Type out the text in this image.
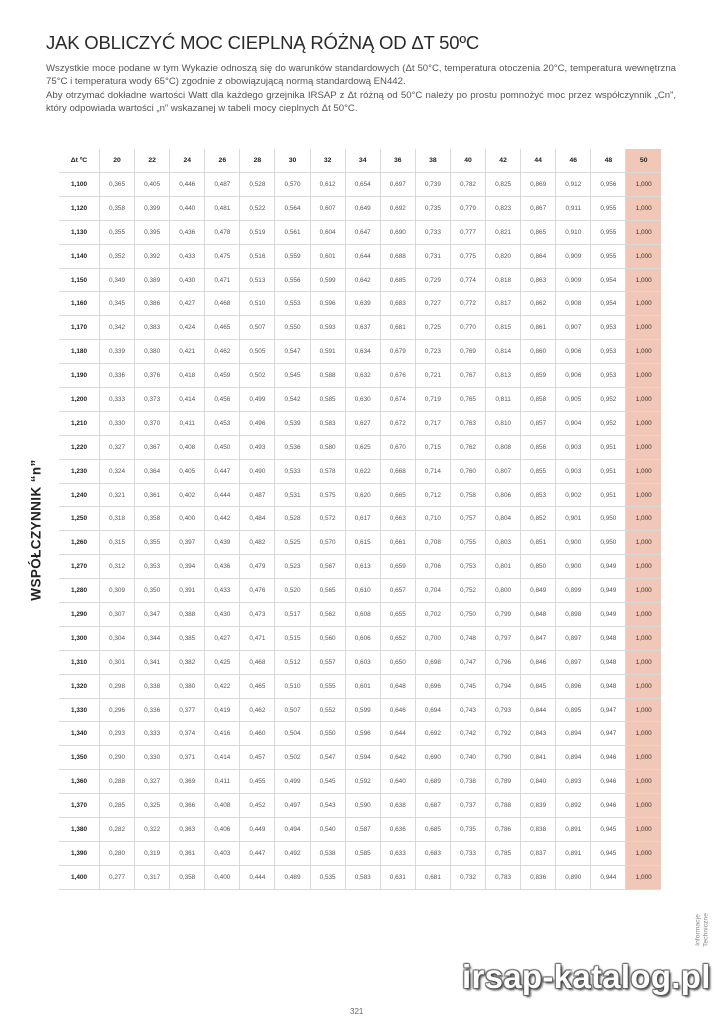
JAK OBLICZYĆ MOC CIEPLNĄ RÓŻNĄ OD ΔT 50ºC

Wszystkie moce podane w tym Wykazie odnoszą się do warunków standardowych (Δt 50°C, temperatura otoczenia 20°C, temperatura wewnętrzna 75°C i temperatura wody 65°C) zgodnie z obowiązującą normą standardową EN442.

Aby otrzymać dokładne wartości Watt dla każdego grzejnika IRSAP z Δt różną od 50°C należy po prostu pomnożyć moc przez współczynnik „Cn”, który odpowiada wartości „n” wskazanej w tabeli mocy cieplnych Δt 50°C.

WSPÓŁCZYNNIK “n”
Δt ºC	20	22	24	26	28	30	32	34	36	38	40	42	44	46	48	50
1,100	0,365	0,405	0,446	0,487	0,528	0,570	0,612	0,654	0,697	0,739	0,782	0,825	0,869	0,912	0,956	1,000
1,120	0,358	0,399	0,440	0,481	0,522	0,564	0,607	0,649	0,692	0,735	0,779	0,823	0,867	0,911	0,955	1,000
1,130	0,355	0,395	0,436	0,478	0,519	0,561	0,604	0,647	0,690	0,733	0,777	0,821	0,865	0,910	0,955	1,000
1,140	0,352	0,392	0,433	0,475	0,516	0,559	0,601	0,644	0,688	0,731	0,775	0,820	0,864	0,909	0,955	1,000
1,150	0,349	0,389	0,430	0,471	0,513	0,556	0,599	0,642	0,685	0,729	0,774	0,818	0,863	0,909	0,954	1,000
1,160	0,345	0,386	0,427	0,468	0,510	0,553	0,596	0,639	0,683	0,727	0,772	0,817	0,862	0,908	0,954	1,000
1,170	0,342	0,383	0,424	0,465	0,507	0,550	0,593	0,637	0,681	0,725	0,770	0,815	0,861	0,907	0,953	1,000
1,180	0,339	0,380	0,421	0,462	0,505	0,547	0,591	0,634	0,679	0,723	0,769	0,814	0,860	0,906	0,953	1,000
1,190	0,336	0,376	0,418	0,459	0,502	0,545	0,588	0,632	0,676	0,721	0,767	0,813	0,859	0,906	0,953	1,000
1,200	0,333	0,373	0,414	0,456	0,499	0,542	0,585	0,630	0,674	0,719	0,765	0,811	0,858	0,905	0,952	1,000
1,210	0,330	0,370	0,411	0,453	0,496	0,539	0,583	0,627	0,672	0,717	0,763	0,810	0,857	0,904	0,952	1,000
1,220	0,327	0,367	0,408	0,450	0,493	0,536	0,580	0,625	0,670	0,715	0,762	0,808	0,856	0,903	0,951	1,000
1,230	0,324	0,364	0,405	0,447	0,490	0,533	0,578	0,622	0,668	0,714	0,760	0,807	0,855	0,903	0,951	1,000
1,240	0,321	0,361	0,402	0,444	0,487	0,531	0,575	0,620	0,665	0,712	0,758	0,806	0,853	0,902	0,951	1,000
1,250	0,318	0,358	0,400	0,442	0,484	0,528	0,572	0,617	0,663	0,710	0,757	0,804	0,852	0,901	0,950	1,000
1,260	0,315	0,355	0,397	0,439	0,482	0,525	0,570	0,615	0,661	0,708	0,755	0,803	0,851	0,900	0,950	1,000
1,270	0,312	0,353	0,394	0,436	0,479	0,523	0,567	0,613	0,659	0,706	0,753	0,801	0,850	0,900	0,949	1,000
1,280	0,309	0,350	0,391	0,433	0,476	0,520	0,565	0,610	0,657	0,704	0,752	0,800	0,849	0,899	0,949	1,000
1,290	0,307	0,347	0,388	0,430	0,473	0,517	0,562	0,608	0,655	0,702	0,750	0,799	0,848	0,898	0,949	1,000
1,300	0,304	0,344	0,385	0,427	0,471	0,515	0,560	0,606	0,652	0,700	0,748	0,797	0,847	0,897	0,948	1,000
1,310	0,301	0,341	0,382	0,425	0,468	0,512	0,557	0,603	0,650	0,698	0,747	0,796	0,846	0,897	0,948	1,000
1,320	0,298	0,338	0,380	0,422	0,465	0,510	0,555	0,601	0,648	0,696	0,745	0,794	0,845	0,896	0,948	1,000
1,330	0,296	0,336	0,377	0,419	0,462	0,507	0,552	0,599	0,646	0,694	0,743	0,793	0,844	0,895	0,947	1,000
1,340	0,293	0,333	0,374	0,416	0,460	0,504	0,550	0,596	0,644	0,692	0,742	0,792	0,843	0,894	0,947	1,000
1,350	0,290	0,330	0,371	0,414	0,457	0,502	0,547	0,594	0,642	0,690	0,740	0,790	0,841	0,894	0,946	1,000
1,360	0,288	0,327	0,369	0,411	0,455	0,499	0,545	0,592	0,640	0,689	0,738	0,789	0,840	0,893	0,946	1,000
1,370	0,285	0,325	0,366	0,408	0,452	0,497	0,543	0,590	0,638	0,687	0,737	0,788	0,839	0,892	0,946	1,000
1,380	0,282	0,322	0,363	0,406	0,449	0,494	0,540	0,587	0,636	0,685	0,735	0,786	0,838	0,891	0,945	1,000
1,390	0,280	0,319	0,361	0,403	0,447	0,492	0,538	0,585	0,633	0,683	0,733	0,785	0,837	0,891	0,945	1,000
1,400	0,277	0,317	0,358	0,400	0,444	0,489	0,535	0,583	0,631	0,681	0,732	0,783	0,836	0,890	0,944	1,000
Informacje Techniczne
321
irsap-katalog.pl
